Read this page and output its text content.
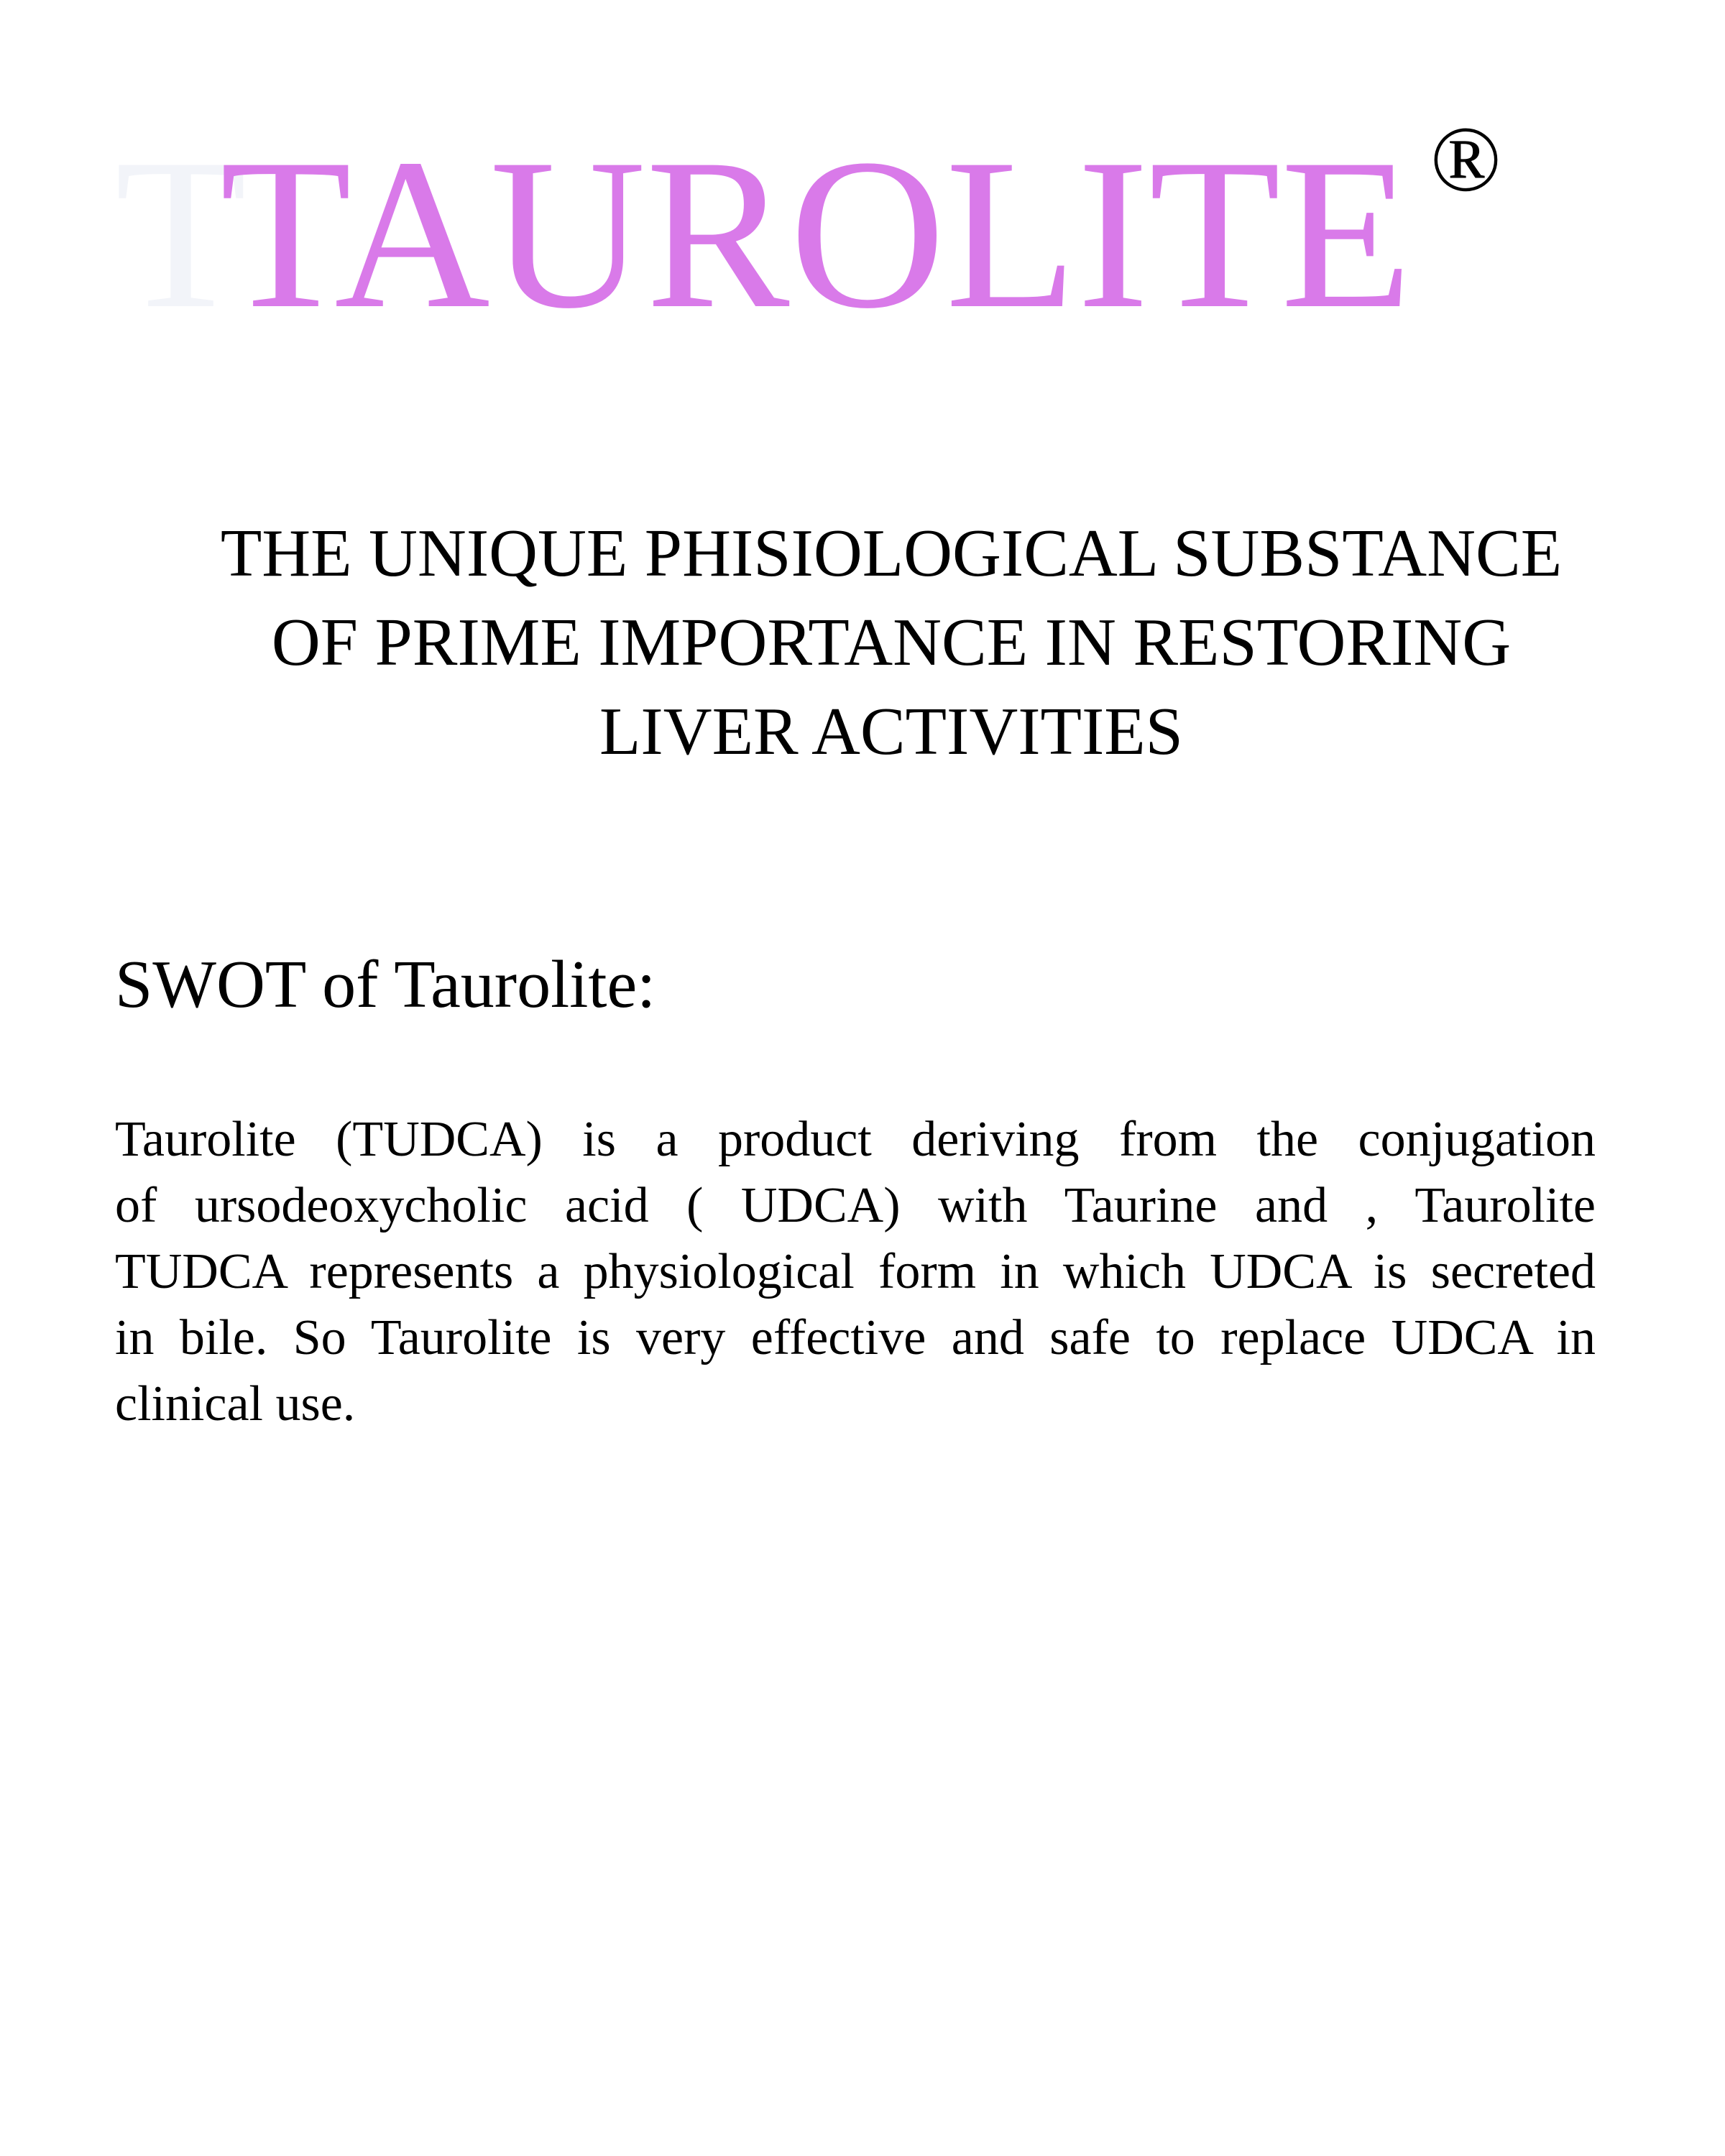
T
TAUROLITE ®
THE UNIQUE PHISIOLOGICAL SUBSTANCE
OF PRIME IMPORTANCE IN RESTORING
LIVER ACTIVITIES
SWOT of Taurolite:
Taurolite (TUDCA) is a product deriving from the conjugation
of ursodeoxycholic acid ( UDCA) with Taurine and , Taurolite
TUDCA represents a physiological form in which UDCA is secreted
in bile. So Taurolite is very effective and safe to replace UDCA in
clinical use.
